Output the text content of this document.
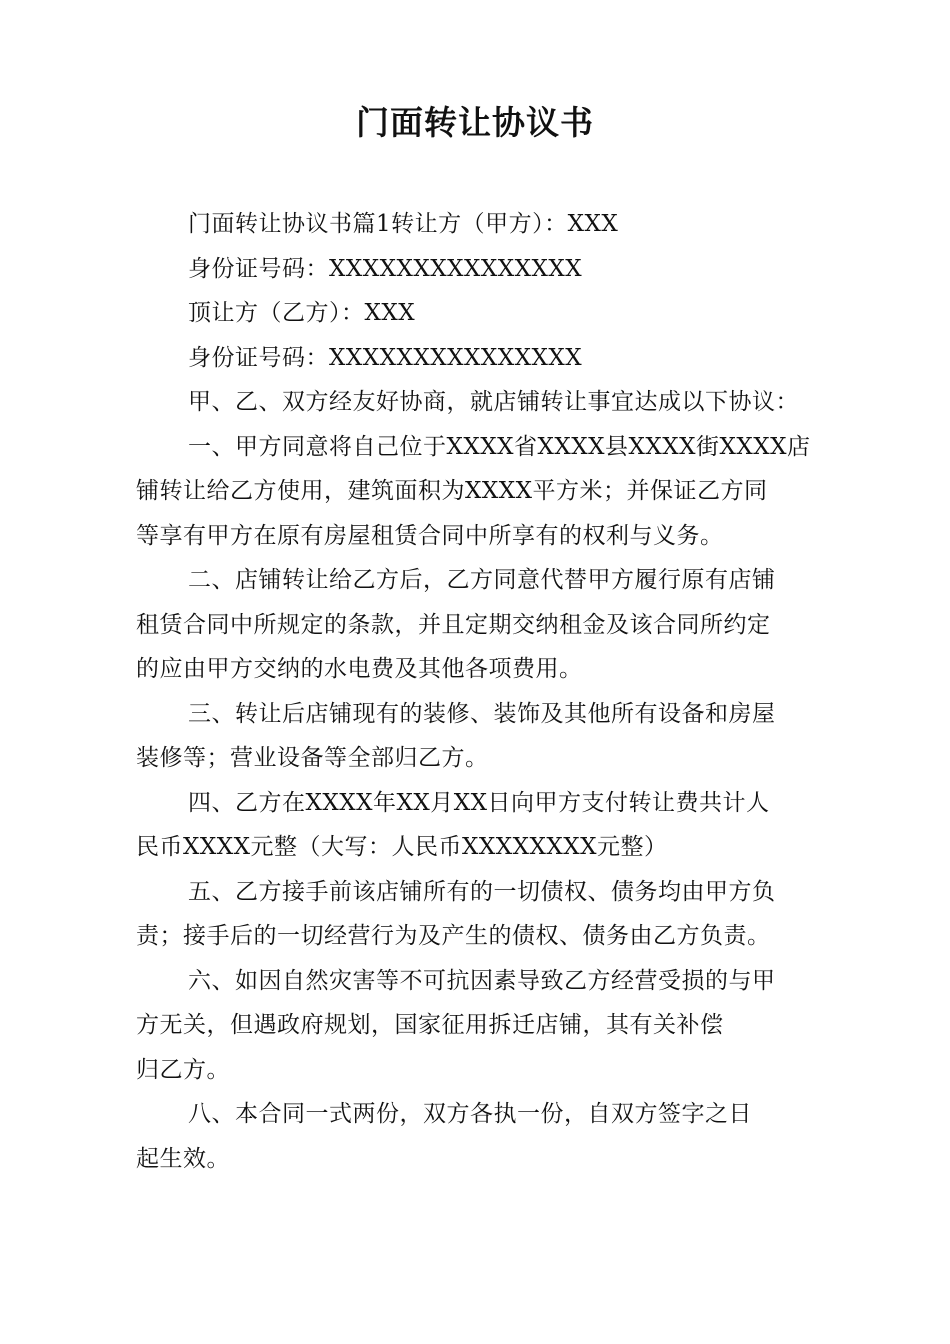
门面转让协议书
门面转让协议书篇1转让方（甲方）：XXX
身份证号码：XXXXXXXXXXXXXXX
顶让方（乙方）：XXX
身份证号码：XXXXXXXXXXXXXXX
甲、乙、双方经友好协商，就店铺转让事宜达成以下协议：
一、甲方同意将自己位于XXXX省XXXX县XXXX街XXXX店
铺转让给乙方使用，建筑面积为XXXX平方米；并保证乙方同
等享有甲方在原有房屋租赁合同中所享有的权利与义务。
二、店铺转让给乙方后，乙方同意代替甲方履行原有店铺
租赁合同中所规定的条款，并且定期交纳租金及该合同所约定
的应由甲方交纳的水电费及其他各项费用。
三、转让后店铺现有的装修、装饰及其他所有设备和房屋
装修等；营业设备等全部归乙方。
四、乙方在XXXX年XX月XX日向甲方支付转让费共计人
民币XXXX元整（大写：人民币XXXXXXXX元整）
五、乙方接手前该店铺所有的一切债权、债务均由甲方负
责；接手后的一切经营行为及产生的债权、债务由乙方负责。
六、如因自然灾害等不可抗因素导致乙方经营受损的与甲
方无关，但遇政府规划，国家征用拆迁店铺，其有关补偿
归乙方。
八、本合同一式两份，双方各执一份，自双方签字之日
起生效。
